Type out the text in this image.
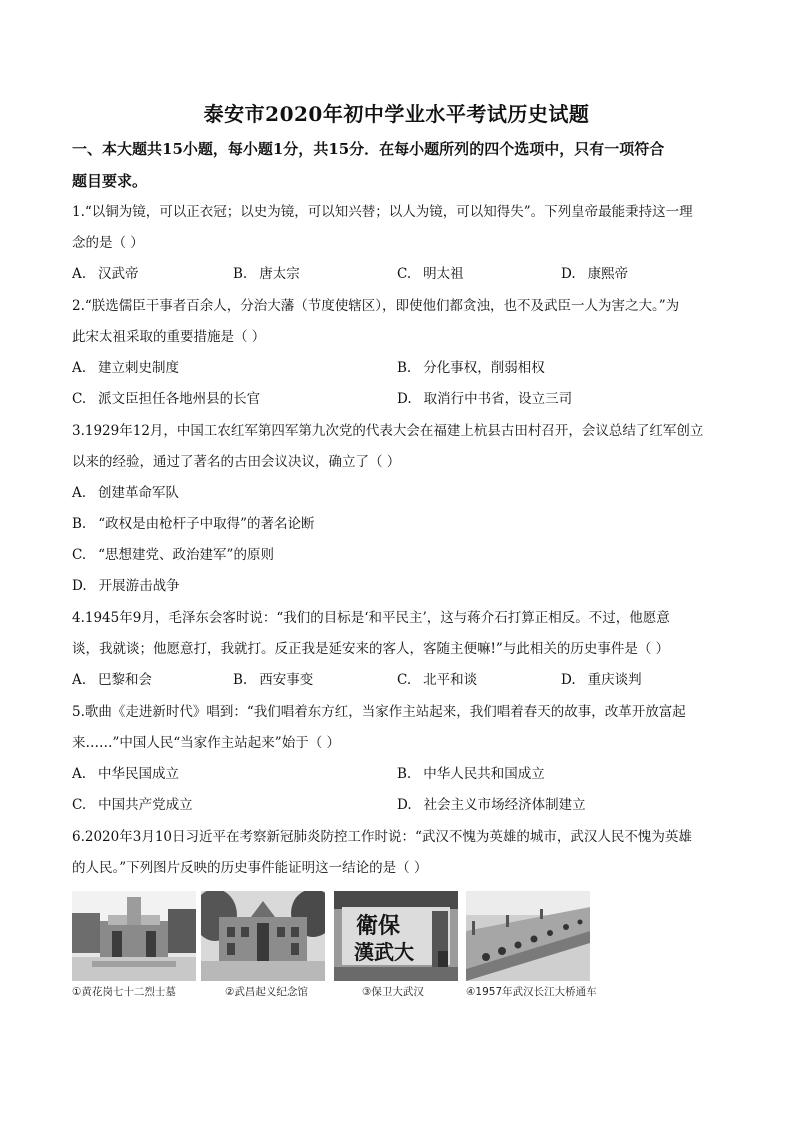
泰安市2020年初中学业水平考试历史试题
一、本大题共15小题，每小题1分，共15分．在每小题所列的四个选项中，只有一项符合
题目要求。
1.“以铜为镜，可以正衣冠；以史为镜，可以知兴替；以人为镜，可以知得失”。下列皇帝最能秉持这一理
念的是（ ）
A. 汉武帝	B. 唐太宗	C. 明太祖	D. 康熙帝
2.“朕选儒臣干事者百余人，分治大藩（节度使辖区），即使他们都贪浊，也不及武臣一人为害之大。”为
此宋太祖采取的重要措施是（ ）
A. 建立刺史制度	B. 分化事权，削弱相权
C. 派文臣担任各地州县的长官	D. 取消行中书省，设立三司
3.1929年12月，中国工农红军第四军第九次党的代表大会在福建上杭县古田村召开，会议总结了红军创立
以来的经验，通过了著名的古田会议决议，确立了（ ）
A. 创建革命军队
B. “政权是由枪杆子中取得”的著名论断
C. “思想建党、政治建军”的原则
D. 开展游击战争
4.1945年9月，毛泽东会客时说：“我们的目标是‘和平民主’，这与蒋介石打算正相反。不过，他愿意
谈，我就谈；他愿意打，我就打。反正我是延安来的客人，客随主便嘛!”与此相关的历史事件是（ ）
A. 巴黎和会	B. 西安事变	C. 北平和谈	D. 重庆谈判
5.歌曲《走进新时代》唱到：“我们唱着东方红，当家作主站起来，我们唱着春天的故事，改革开放富起
来……”中国人民“当家作主站起来”始于（ ）
A. 中华民国成立	B. 中华人民共和国成立
C. 中国共产党成立	D. 社会主义市场经济体制建立
6.2020年3月10日习近平在考察新冠肺炎防控工作时说：“武汉不愧为英雄的城市，武汉人民不愧为英雄
的人民。”下列图片反映的历史事件能证明这一结论的是（ ）
①黄花岗七十二烈士墓	②武昌起义纪念馆
衛保
漢武大
③保卫大武汉	④1957年武汉长江大桥通车
